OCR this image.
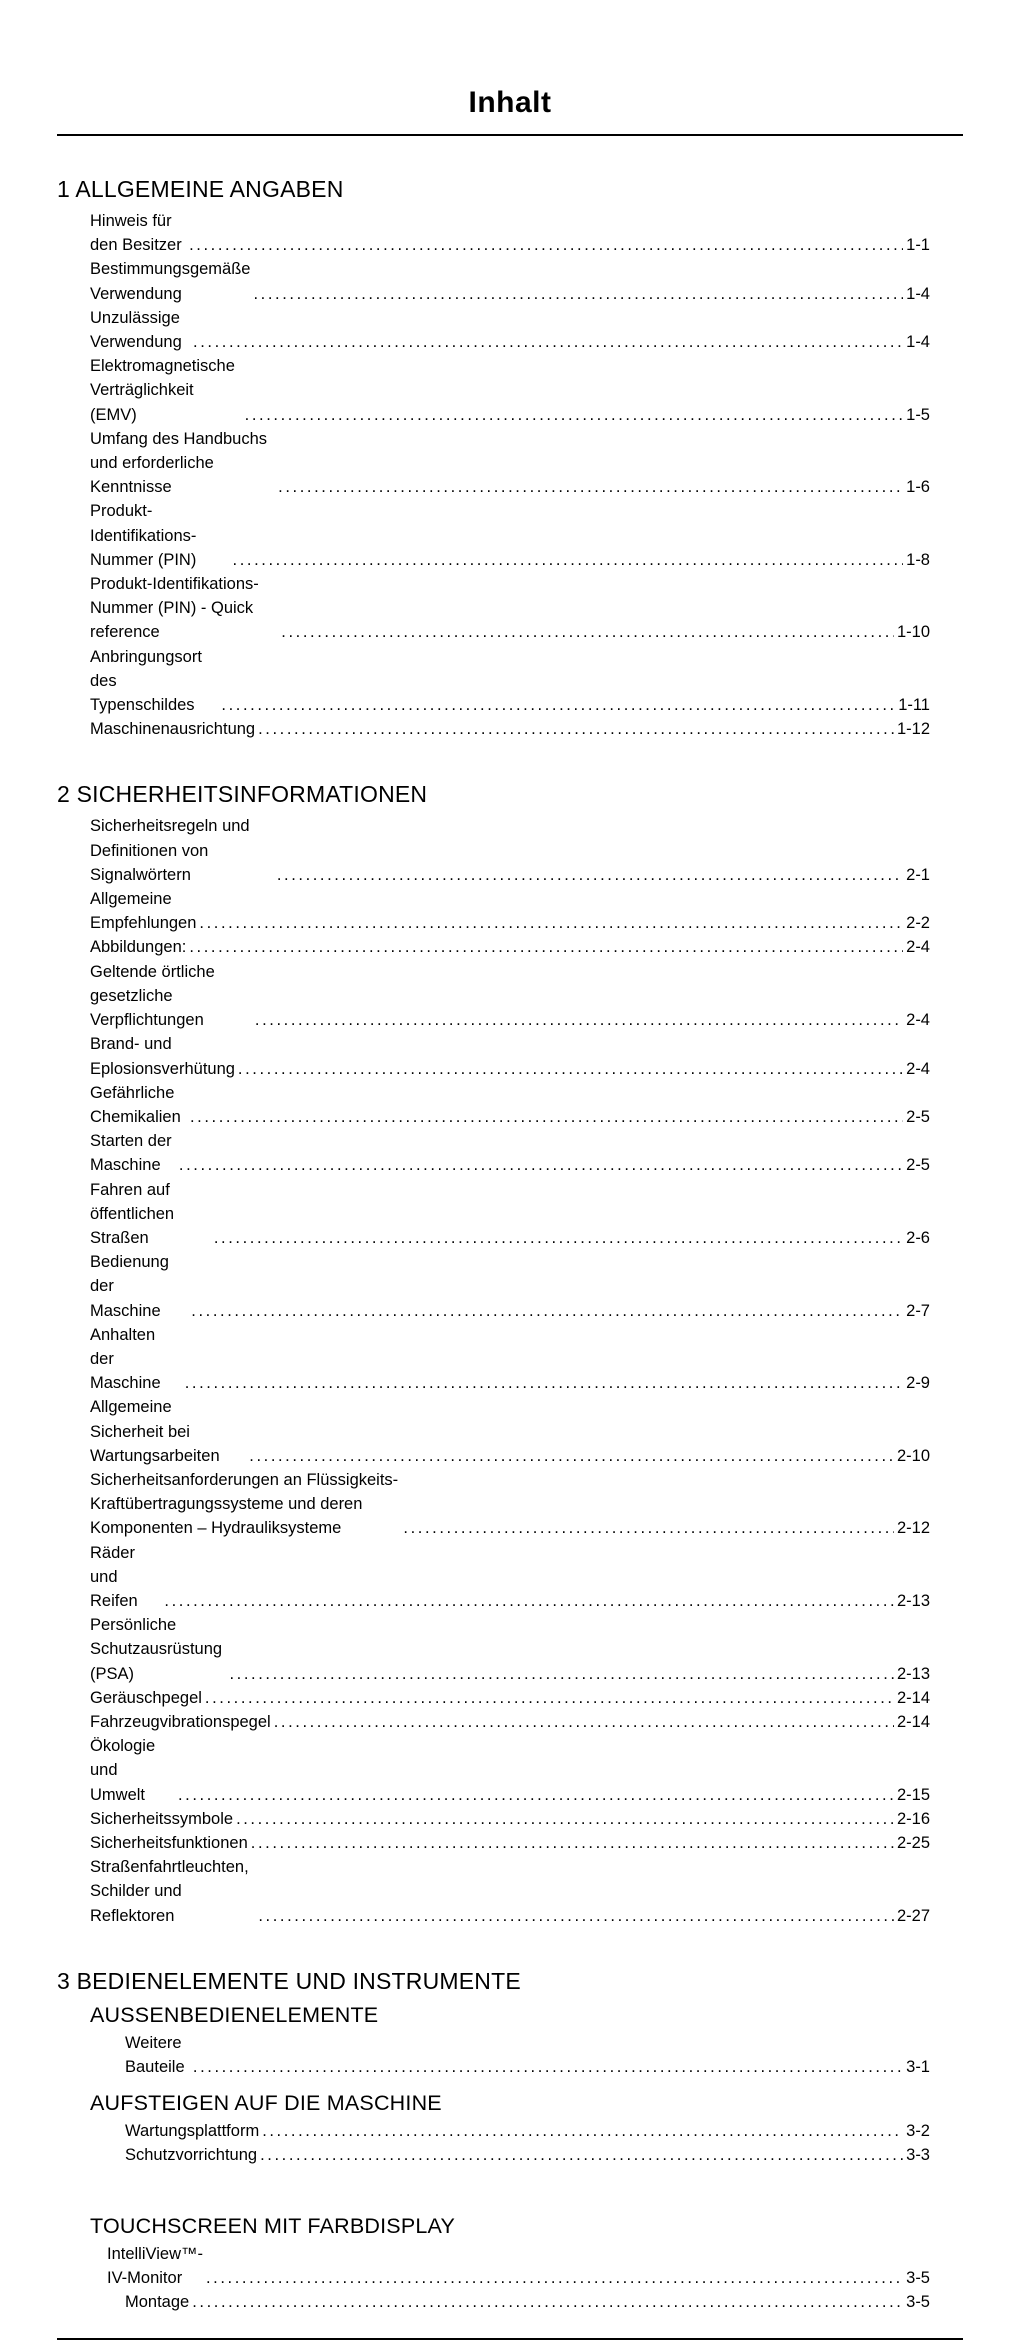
Inhalt
1 ALLGEMEINE ANGABEN
Hinweis für den Besitzer .....	1-1
Bestimmungsgemäße Verwendung .....	1-4
Unzulässige Verwendung .....	1-4
Elektromagnetische Verträglichkeit (EMV) .....	1-5
Umfang des Handbuchs und erforderliche Kenntnisse .....	1-6
Produkt-Identifikations-Nummer (PIN) .....	1-8
Produkt-Identifikations-Nummer (PIN) - Quick reference .....	1-10
Anbringungsort des Typenschildes .....	1-11
Maschinenausrichtung .....	1-12
2 SICHERHEITSINFORMATIONEN
Sicherheitsregeln und Definitionen von Signalwörtern .....	2-1
Allgemeine Empfehlungen .....	2-2
Abbildungen: .....	2-4
Geltende örtliche gesetzliche Verpflichtungen .....	2-4
Brand- und Eplosionsverhütung .....	2-4
Gefährliche Chemikalien .....	2-5
Starten der Maschine .....	2-5
Fahren auf öffentlichen Straßen .....	2-6
Bedienung der Maschine .....	2-7
Anhalten der Maschine .....	2-9
Allgemeine Sicherheit bei Wartungsarbeiten .....	2-10
Sicherheitsanforderungen an Flüssigkeits-Kraftübertragungssysteme und deren Komponenten – Hydrauliksysteme .....	2-12
Räder und Reifen .....	2-13
Persönliche Schutzausrüstung (PSA) .....	2-13
Geräuschpegel .....	2-14
Fahrzeugvibrationspegel .....	2-14
Ökologie und Umwelt .....	2-15
Sicherheitssymbole .....	2-16
Sicherheitsfunktionen .....	2-25
Straßenfahrtleuchten, Schilder und Reflektoren .....	2-27
3 BEDIENELEMENTE UND INSTRUMENTE
AUSSENBEDIENELEMENTE
Weitere Bauteile .....	3-1
AUFSTEIGEN AUF DIE MASCHINE
Wartungsplattform .....	3-2
Schutzvorrichtung .....	3-3
TOUCHSCREEN MIT FARBDISPLAY
IntelliView™-IV-Monitor .....	3-5
Montage .....	3-5
